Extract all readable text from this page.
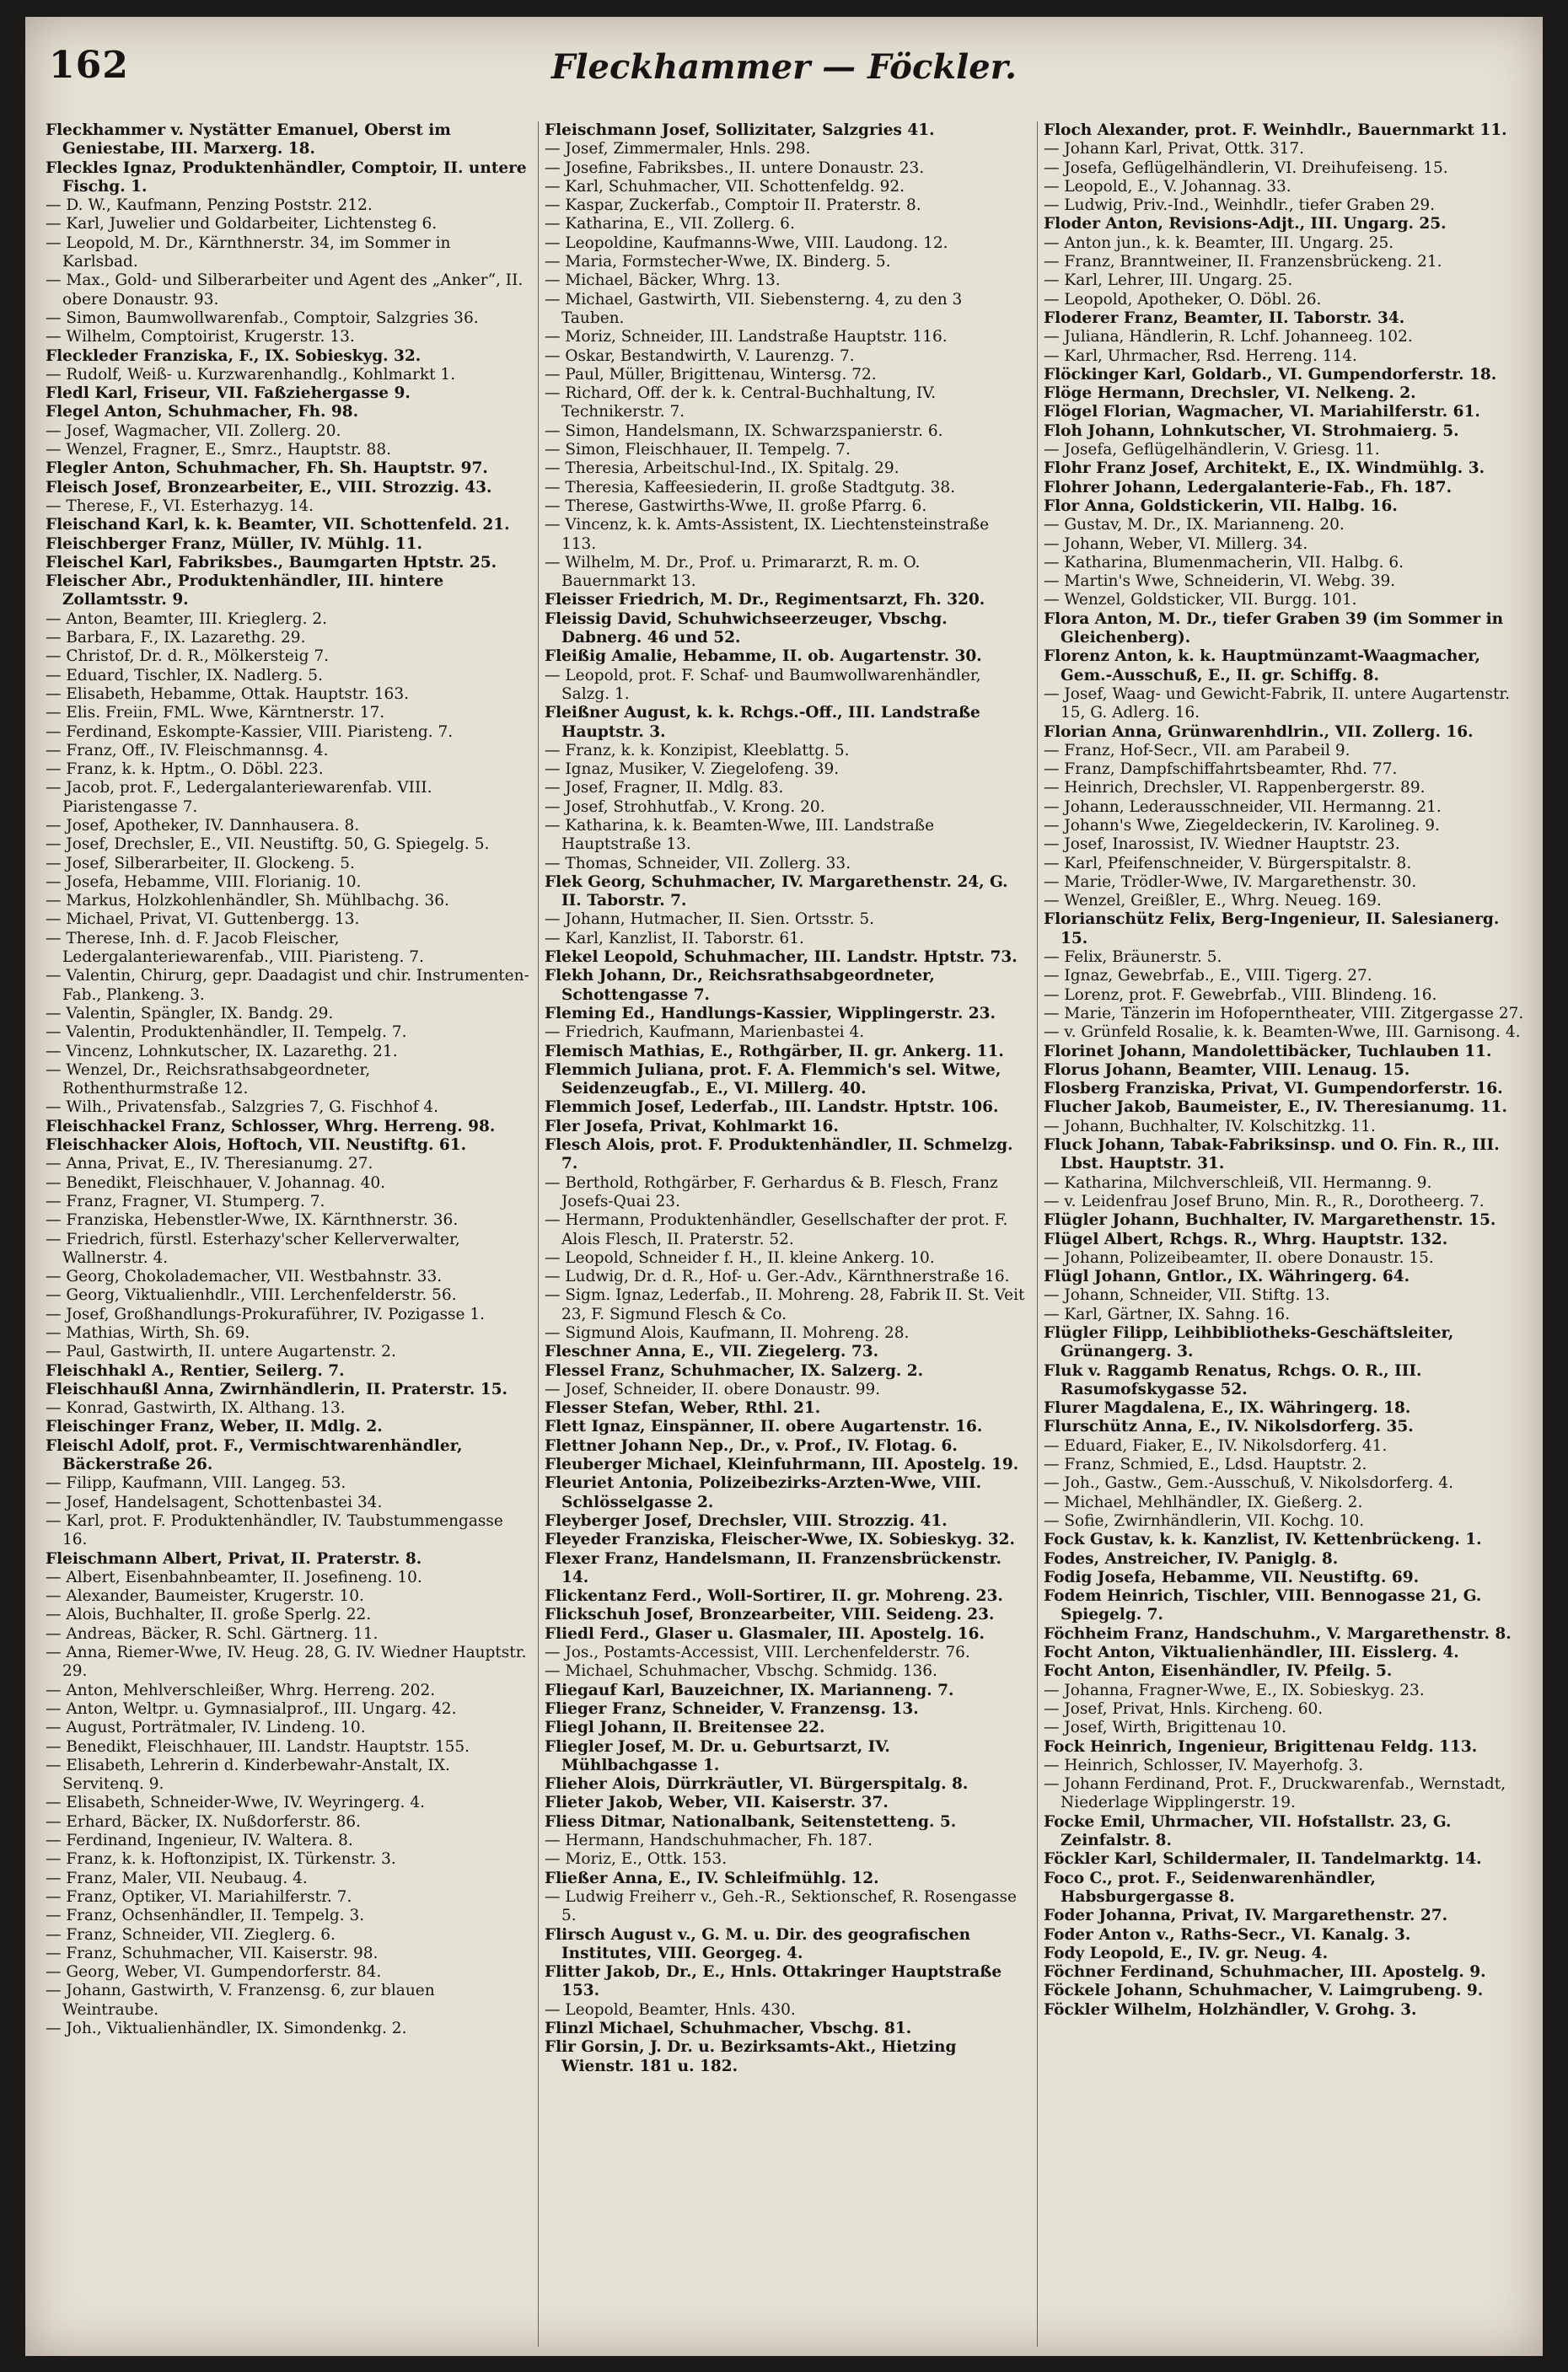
162	Fleckhammer — Föckler.
Fleckhammer v. Nystätter Emanuel, Oberst im Geniestabe, III. Marxerg. 18.
Fleckles Ignaz, Produktenhändler, Comptoir, II. untere Fischg. 1.
— D. W., Kaufmann, Penzing Poststr. 212.
— Karl, Juwelier und Goldarbeiter, Lichtensteg 6.
— Leopold, M. Dr., Kärnthnerstr. 34, im Sommer in Karlsbad.
— Max., Gold- und Silberarbeiter und Agent des „Anker“, II. obere Donaustr. 93.
— Simon, Baumwollwarenfab., Comptoir, Salzgries 36.
— Wilhelm, Comptoirist, Krugerstr. 13.
Fleckleder Franziska, F., IX. Sobieskyg. 32.
— Rudolf, Weiß- u. Kurzwarenhandlg., Kohlmarkt 1.
Fledl Karl, Friseur, VII. Faßziehergasse 9.
Flegel Anton, Schuhmacher, Fh. 98.
— Josef, Wagmacher, VII. Zollerg. 20.
— Wenzel, Fragner, E., Smrz., Hauptstr. 88.
Flegler Anton, Schuhmacher, Fh. Sh. Hauptstr. 97.
Fleisch Josef, Bronzearbeiter, E., VIII. Strozzig. 43.
— Therese, F., VI. Esterhazyg. 14.
Fleischand Karl, k. k. Beamter, VII. Schottenfeld. 21.
Fleischberger Franz, Müller, IV. Mühlg. 11.
Fleischel Karl, Fabriksbes., Baumgarten Hptstr. 25.
Fleischer Abr., Produktenhändler, III. hintere Zollamtsstr. 9.
— Anton, Beamter, III. Krieglerg. 2.
— Barbara, F., IX. Lazarethg. 29.
— Christof, Dr. d. R., Mölkersteig 7.
— Eduard, Tischler, IX. Nadlerg. 5.
— Elisabeth, Hebamme, Ottak. Hauptstr. 163.
— Elis. Freiin, FML. Wwe, Kärntnerstr. 17.
— Ferdinand, Eskompte-Kassier, VIII. Piaristeng. 7.
— Franz, Off., IV. Fleischmannsg. 4.
— Franz, k. k. Hptm., O. Döbl. 223.
— Jacob, prot. F., Ledergalanteriewarenfab. VIII. Piaristengasse 7.
— Josef, Apotheker, IV. Dannhausera. 8.
— Josef, Drechsler, E., VII. Neustiftg. 50, G. Spiegelg. 5.
— Josef, Silberarbeiter, II. Glockeng. 5.
— Josefa, Hebamme, VIII. Florianig. 10.
— Markus, Holzkohlenhändler, Sh. Mühlbachg. 36.
— Michael, Privat, VI. Guttenbergg. 13.
— Therese, Inh. d. F. Jacob Fleischer, Ledergalanteriewarenfab., VIII. Piaristeng. 7.
— Valentin, Chirurg, gepr. Daadagist und chir. Instrumenten-Fab., Plankeng. 3.
— Valentin, Spängler, IX. Bandg. 29.
— Valentin, Produktenhändler, II. Tempelg. 7.
— Vincenz, Lohnkutscher, IX. Lazarethg. 21.
— Wenzel, Dr., Reichsrathsabgeordneter, Rothenthurmstraße 12.
— Wilh., Privatensfab., Salzgries 7, G. Fischhof 4.
Fleischhackel Franz, Schlosser, Whrg. Herreng. 98.
Fleischhacker Alois, Hoftoch, VII. Neustiftg. 61.
— Anna, Privat, E., IV. Theresianumg. 27.
— Benedikt, Fleischhauer, V. Johannag. 40.
— Franz, Fragner, VI. Stumperg. 7.
— Franziska, Hebenstler-Wwe, IX. Kärnthnerstr. 36.
— Friedrich, fürstl. Esterhazy'scher Kellerverwalter, Wallnerstr. 4.
— Georg, Chokolademacher, VII. Westbahnstr. 33.
— Georg, Viktualienhdlr., VIII. Lerchenfelderstr. 56.
— Josef, Großhandlungs-Prokuraführer, IV. Pozigasse 1.
— Mathias, Wirth, Sh. 69.
— Paul, Gastwirth, II. untere Augartenstr. 2.
Fleischhakl A., Rentier, Seilerg. 7.
Fleischhaußl Anna, Zwirnhändlerin, II. Praterstr. 15.
— Konrad, Gastwirth, IX. Althang. 13.
Fleischinger Franz, Weber, II. Mdlg. 2.
Fleischl Adolf, prot. F., Vermischtwarenhändler, Bäckerstraße 26.
— Filipp, Kaufmann, VIII. Langeg. 53.
— Josef, Handelsagent, Schottenbastei 34.
— Karl, prot. F. Produktenhändler, IV. Taubstummengasse 16.
Fleischmann Albert, Privat, II. Praterstr. 8.
— Albert, Eisenbahnbeamter, II. Josefineng. 10.
— Alexander, Baumeister, Krugerstr. 10.
— Alois, Buchhalter, II. große Sperlg. 22.
— Andreas, Bäcker, R. Schl. Gärtnerg. 11.
— Anna, Riemer-Wwe, IV. Heug. 28, G. IV. Wiedner Hauptstr. 29.
— Anton, Mehlverschleißer, Whrg. Herreng. 202.
— Anton, Weltpr. u. Gymnasialprof., III. Ungarg. 42.
— August, Porträtmaler, IV. Lindeng. 10.
— Benedikt, Fleischhauer, III. Landstr. Hauptstr. 155.
— Elisabeth, Lehrerin d. Kinderbewahr-Anstalt, IX. Servitenq. 9.
— Elisabeth, Schneider-Wwe, IV. Weyringerg. 4.
— Erhard, Bäcker, IX. Nußdorferstr. 86.
— Ferdinand, Ingenieur, IV. Waltera. 8.
— Franz, k. k. Hoftonzipist, IX. Türkenstr. 3.
— Franz, Maler, VII. Neubaug. 4.
— Franz, Optiker, VI. Mariahilferstr. 7.
— Franz, Ochsenhändler, II. Tempelg. 3.
— Franz, Schneider, VII. Zieglerg. 6.
— Franz, Schuhmacher, VII. Kaiserstr. 98.
— Georg, Weber, VI. Gumpendorferstr. 84.
— Johann, Gastwirth, V. Franzensg. 6, zur blauen Weintraube.
— Joh., Viktualienhändler, IX. Simondenkg. 2.
Fleischmann Josef, Sollizitater, Salzgries 41.
— Josef, Zimmermaler, Hnls. 298.
— Josefine, Fabriksbes., II. untere Donaustr. 23.
— Karl, Schuhmacher, VII. Schottenfeldg. 92.
— Kaspar, Zuckerfab., Comptoir II. Praterstr. 8.
— Katharina, E., VII. Zollerg. 6.
— Leopoldine, Kaufmanns-Wwe, VIII. Laudong. 12.
— Maria, Formstecher-Wwe, IX. Binderg. 5.
— Michael, Bäcker, Whrg. 13.
— Michael, Gastwirth, VII. Siebensterng. 4, zu den 3 Tauben.
— Moriz, Schneider, III. Landstraße Hauptstr. 116.
— Oskar, Bestandwirth, V. Laurenzg. 7.
— Paul, Müller, Brigittenau, Wintersg. 72.
— Richard, Off. der k. k. Central-Buchhaltung, IV. Technikerstr. 7.
— Simon, Handelsmann, IX. Schwarzspanierstr. 6.
— Simon, Fleischhauer, II. Tempelg. 7.
— Theresia, Arbeitschul-Ind., IX. Spitalg. 29.
— Theresia, Kaffeesiederin, II. große Stadtgutg. 38.
— Therese, Gastwirths-Wwe, II. große Pfarrg. 6.
— Vincenz, k. k. Amts-Assistent, IX. Liechtensteinstraße 113.
— Wilhelm, M. Dr., Prof. u. Primararzt, R. m. O. Bauernmarkt 13.
Fleisser Friedrich, M. Dr., Regimentsarzt, Fh. 320.
Fleissig David, Schuhwichseerzeuger, Vbschg. Dabnerg. 46 und 52.
Fleißig Amalie, Hebamme, II. ob. Augartenstr. 30.
— Leopold, prot. F. Schaf- und Baumwollwarenhändler, Salzg. 1.
Fleißner August, k. k. Rchgs.-Off., III. Landstraße Hauptstr. 3.
— Franz, k. k. Konzipist, Kleeblattg. 5.
— Ignaz, Musiker, V. Ziegelofeng. 39.
— Josef, Fragner, II. Mdlg. 83.
— Josef, Strohhutfab., V. Krong. 20.
— Katharina, k. k. Beamten-Wwe, III. Landstraße Hauptstraße 13.
— Thomas, Schneider, VII. Zollerg. 33.
Flek Georg, Schuhmacher, IV. Margarethenstr. 24, G. II. Taborstr. 7.
— Johann, Hutmacher, II. Sien. Ortsstr. 5.
— Karl, Kanzlist, II. Taborstr. 61.
Flekel Leopold, Schuhmacher, III. Landstr. Hptstr. 73.
Flekh Johann, Dr., Reichsrathsabgeordneter, Schottengasse 7.
Fleming Ed., Handlungs-Kassier, Wipplingerstr. 23.
— Friedrich, Kaufmann, Marienbastei 4.
Flemisch Mathias, E., Rothgärber, II. gr. Ankerg. 11.
Flemmich Juliana, prot. F. A. Flemmich's sel. Witwe, Seidenzeugfab., E., VI. Millerg. 40.
Flemmich Josef, Lederfab., III. Landstr. Hptstr. 106.
Fler Josefa, Privat, Kohlmarkt 16.
Flesch Alois, prot. F. Produktenhändler, II. Schmelzg. 7.
— Berthold, Rothgärber, F. Gerhardus & B. Flesch, Franz Josefs-Quai 23.
— Hermann, Produktenhändler, Gesellschafter der prot. F. Alois Flesch, II. Praterstr. 52.
— Leopold, Schneider f. H., II. kleine Ankerg. 10.
— Ludwig, Dr. d. R., Hof- u. Ger.-Adv., Kärnthnerstraße 16.
— Sigm. Ignaz, Lederfab., II. Mohreng. 28, Fabrik II. St. Veit 23, F. Sigmund Flesch & Co.
— Sigmund Alois, Kaufmann, II. Mohreng. 28.
Fleschner Anna, E., VII. Ziegelerg. 73.
Flessel Franz, Schuhmacher, IX. Salzerg. 2.
— Josef, Schneider, II. obere Donaustr. 99.
Flesser Stefan, Weber, Rthl. 21.
Flett Ignaz, Einspänner, II. obere Augartenstr. 16.
Flettner Johann Nep., Dr., v. Prof., IV. Flotag. 6.
Fleuberger Michael, Kleinfuhrmann, III. Apostelg. 19.
Fleuriet Antonia, Polizeibezirks-Arzten-Wwe, VIII. Schlösselgasse 2.
Fleyberger Josef, Drechsler, VIII. Strozzig. 41.
Fleyeder Franziska, Fleischer-Wwe, IX. Sobieskyg. 32.
Flexer Franz, Handelsmann, II. Franzensbrückenstr. 14.
Flickentanz Ferd., Woll-Sortirer, II. gr. Mohreng. 23.
Flickschuh Josef, Bronzearbeiter, VIII. Seideng. 23.
Fliedl Ferd., Glaser u. Glasmaler, III. Apostelg. 16.
— Jos., Postamts-Accessist, VIII. Lerchenfelderstr. 76.
— Michael, Schuhmacher, Vbschg. Schmidg. 136.
Fliegauf Karl, Bauzeichner, IX. Marianneng. 7.
Flieger Franz, Schneider, V. Franzensg. 13.
Fliegl Johann, II. Breitensee 22.
Fliegler Josef, M. Dr. u. Geburtsarzt, IV. Mühlbachgasse 1.
Flieher Alois, Dürrkräutler, VI. Bürgerspitalg. 8.
Flieter Jakob, Weber, VII. Kaiserstr. 37.
Fliess Ditmar, Nationalbank, Seitenstetteng. 5.
— Hermann, Handschuhmacher, Fh. 187.
— Moriz, E., Ottk. 153.
Fließer Anna, E., IV. Schleifmühlg. 12.
— Ludwig Freiherr v., Geh.-R., Sektionschef, R. Rosengasse 5.
Flirsch August v., G. M. u. Dir. des geografischen Institutes, VIII. Georgeg. 4.
Flitter Jakob, Dr., E., Hnls. Ottakringer Hauptstraße 153.
— Leopold, Beamter, Hnls. 430.
Flinzl Michael, Schuhmacher, Vbschg. 81.
Flir Gorsin, J. Dr. u. Bezirksamts-Akt., Hietzing Wienstr. 181 u. 182.
Floch Alexander, prot. F. Weinhdlr., Bauernmarkt 11.
— Johann Karl, Privat, Ottk. 317.
— Josefa, Geflügelhändlerin, VI. Dreihufeiseng. 15.
— Leopold, E., V. Johannag. 33.
— Ludwig, Priv.-Ind., Weinhdlr., tiefer Graben 29.
Floder Anton, Revisions-Adjt., III. Ungarg. 25.
— Anton jun., k. k. Beamter, III. Ungarg. 25.
— Franz, Branntweiner, II. Franzensbrückeng. 21.
— Karl, Lehrer, III. Ungarg. 25.
— Leopold, Apotheker, O. Döbl. 26.
Floderer Franz, Beamter, II. Taborstr. 34.
— Juliana, Händlerin, R. Lchf. Johanneeg. 102.
— Karl, Uhrmacher, Rsd. Herreng. 114.
Flöckinger Karl, Goldarb., VI. Gumpendorferstr. 18.
Flöge Hermann, Drechsler, VI. Nelkeng. 2.
Flögel Florian, Wagmacher, VI. Mariahilferstr. 61.
Floh Johann, Lohnkutscher, VI. Strohmaierg. 5.
— Josefa, Geflügelhändlerin, V. Griesg. 11.
Flohr Franz Josef, Architekt, E., IX. Windmühlg. 3.
Flohrer Johann, Ledergalanterie-Fab., Fh. 187.
Flor Anna, Goldstickerin, VII. Halbg. 16.
— Gustav, M. Dr., IX. Marianneng. 20.
— Johann, Weber, VI. Millerg. 34.
— Katharina, Blumenmacherin, VII. Halbg. 6.
— Martin's Wwe, Schneiderin, VI. Webg. 39.
— Wenzel, Goldsticker, VII. Burgg. 101.
Flora Anton, M. Dr., tiefer Graben 39 (im Sommer in Gleichenberg).
Florenz Anton, k. k. Hauptmünzamt-Waagmacher, Gem.-Ausschuß, E., II. gr. Schiffg. 8.
— Josef, Waag- und Gewicht-Fabrik, II. untere Augartenstr. 15, G. Adlerg. 16.
Florian Anna, Grünwarenhdlrin., VII. Zollerg. 16.
— Franz, Hof-Secr., VII. am Parabeil 9.
— Franz, Dampfschiffahrtsbeamter, Rhd. 77.
— Heinrich, Drechsler, VI. Rappenbergerstr. 89.
— Johann, Lederausschneider, VII. Hermanng. 21.
— Johann's Wwe, Ziegeldeckerin, IV. Karolineg. 9.
— Josef, Inarossist, IV. Wiedner Hauptstr. 23.
— Karl, Pfeifenschneider, V. Bürgerspitalstr. 8.
— Marie, Trödler-Wwe, IV. Margarethenstr. 30.
— Wenzel, Greißler, E., Whrg. Neueg. 169.
Florianschütz Felix, Berg-Ingenieur, II. Salesianerg. 15.
— Felix, Bräunerstr. 5.
— Ignaz, Gewebrfab., E., VIII. Tigerg. 27.
— Lorenz, prot. F. Gewebrfab., VIII. Blindeng. 16.
— Marie, Tänzerin im Hofoperntheater, VIII. Zitgergasse 27.
— v. Grünfeld Rosalie, k. k. Beamten-Wwe, III. Garnisong. 4.
Florinet Johann, Mandolettibäcker, Tuchlauben 11.
Florus Johann, Beamter, VIII. Lenaug. 15.
Flosberg Franziska, Privat, VI. Gumpendorferstr. 16.
Flucher Jakob, Baumeister, E., IV. Theresianumg. 11.
— Johann, Buchhalter, IV. Kolschitzkg. 11.
Fluck Johann, Tabak-Fabriksinsp. und O. Fin. R., III. Lbst. Hauptstr. 31.
— Katharina, Milchverschleiß, VII. Hermanng. 9.
— v. Leidenfrau Josef Bruno, Min. R., R., Dorotheerg. 7.
Flügler Johann, Buchhalter, IV. Margarethenstr. 15.
Flügel Albert, Rchgs. R., Whrg. Hauptstr. 132.
— Johann, Polizeibeamter, II. obere Donaustr. 15.
Flügl Johann, Gntlor., IX. Währingerg. 64.
— Johann, Schneider, VII. Stiftg. 13.
— Karl, Gärtner, IX. Sahng. 16.
Flügler Filipp, Leihbibliotheks-Geschäftsleiter, Grünangerg. 3.
Fluk v. Raggamb Renatus, Rchgs. O. R., III. Rasumofskygasse 52.
Flurer Magdalena, E., IX. Währingerg. 18.
Flurschütz Anna, E., IV. Nikolsdorferg. 35.
— Eduard, Fiaker, E., IV. Nikolsdorferg. 41.
— Franz, Schmied, E., Ldsd. Hauptstr. 2.
— Joh., Gastw., Gem.-Ausschuß, V. Nikolsdorferg. 4.
— Michael, Mehlhändler, IX. Gießerg. 2.
— Sofie, Zwirnhändlerin, VII. Kochg. 10.
Fock Gustav, k. k. Kanzlist, IV. Kettenbrückeng. 1.
Fodes, Anstreicher, IV. Paniglg. 8.
Fodig Josefa, Hebamme, VII. Neustiftg. 69.
Fodem Heinrich, Tischler, VIII. Bennogasse 21, G. Spiegelg. 7.
Föchheim Franz, Handschuhm., V. Margarethenstr. 8.
Focht Anton, Viktualienhändler, III. Eisslerg. 4.
Focht Anton, Eisenhändler, IV. Pfeilg. 5.
— Johanna, Fragner-Wwe, E., IX. Sobieskyg. 23.
— Josef, Privat, Hnls. Kircheng. 60.
— Josef, Wirth, Brigittenau 10.
Fock Heinrich, Ingenieur, Brigittenau Feldg. 113.
— Heinrich, Schlosser, IV. Mayerhofg. 3.
— Johann Ferdinand, Prot. F., Druckwarenfab., Wernstadt, Niederlage Wipplingerstr. 19.
Focke Emil, Uhrmacher, VII. Hofstallstr. 23, G. Zeinfalstr. 8.
Föckler Karl, Schildermaler, II. Tandelmarktg. 14.
Foco C., prot. F., Seidenwarenhändler, Habsburgergasse 8.
Foder Johanna, Privat, IV. Margarethenstr. 27.
Foder Anton v., Raths-Secr., VI. Kanalg. 3.
Fody Leopold, E., IV. gr. Neug. 4.
Föchner Ferdinand, Schuhmacher, III. Apostelg. 9.
Föckele Johann, Schuhmacher, V. Laimgrubeng. 9.
Föckler Wilhelm, Holzhändler, V. Grohg. 3.
